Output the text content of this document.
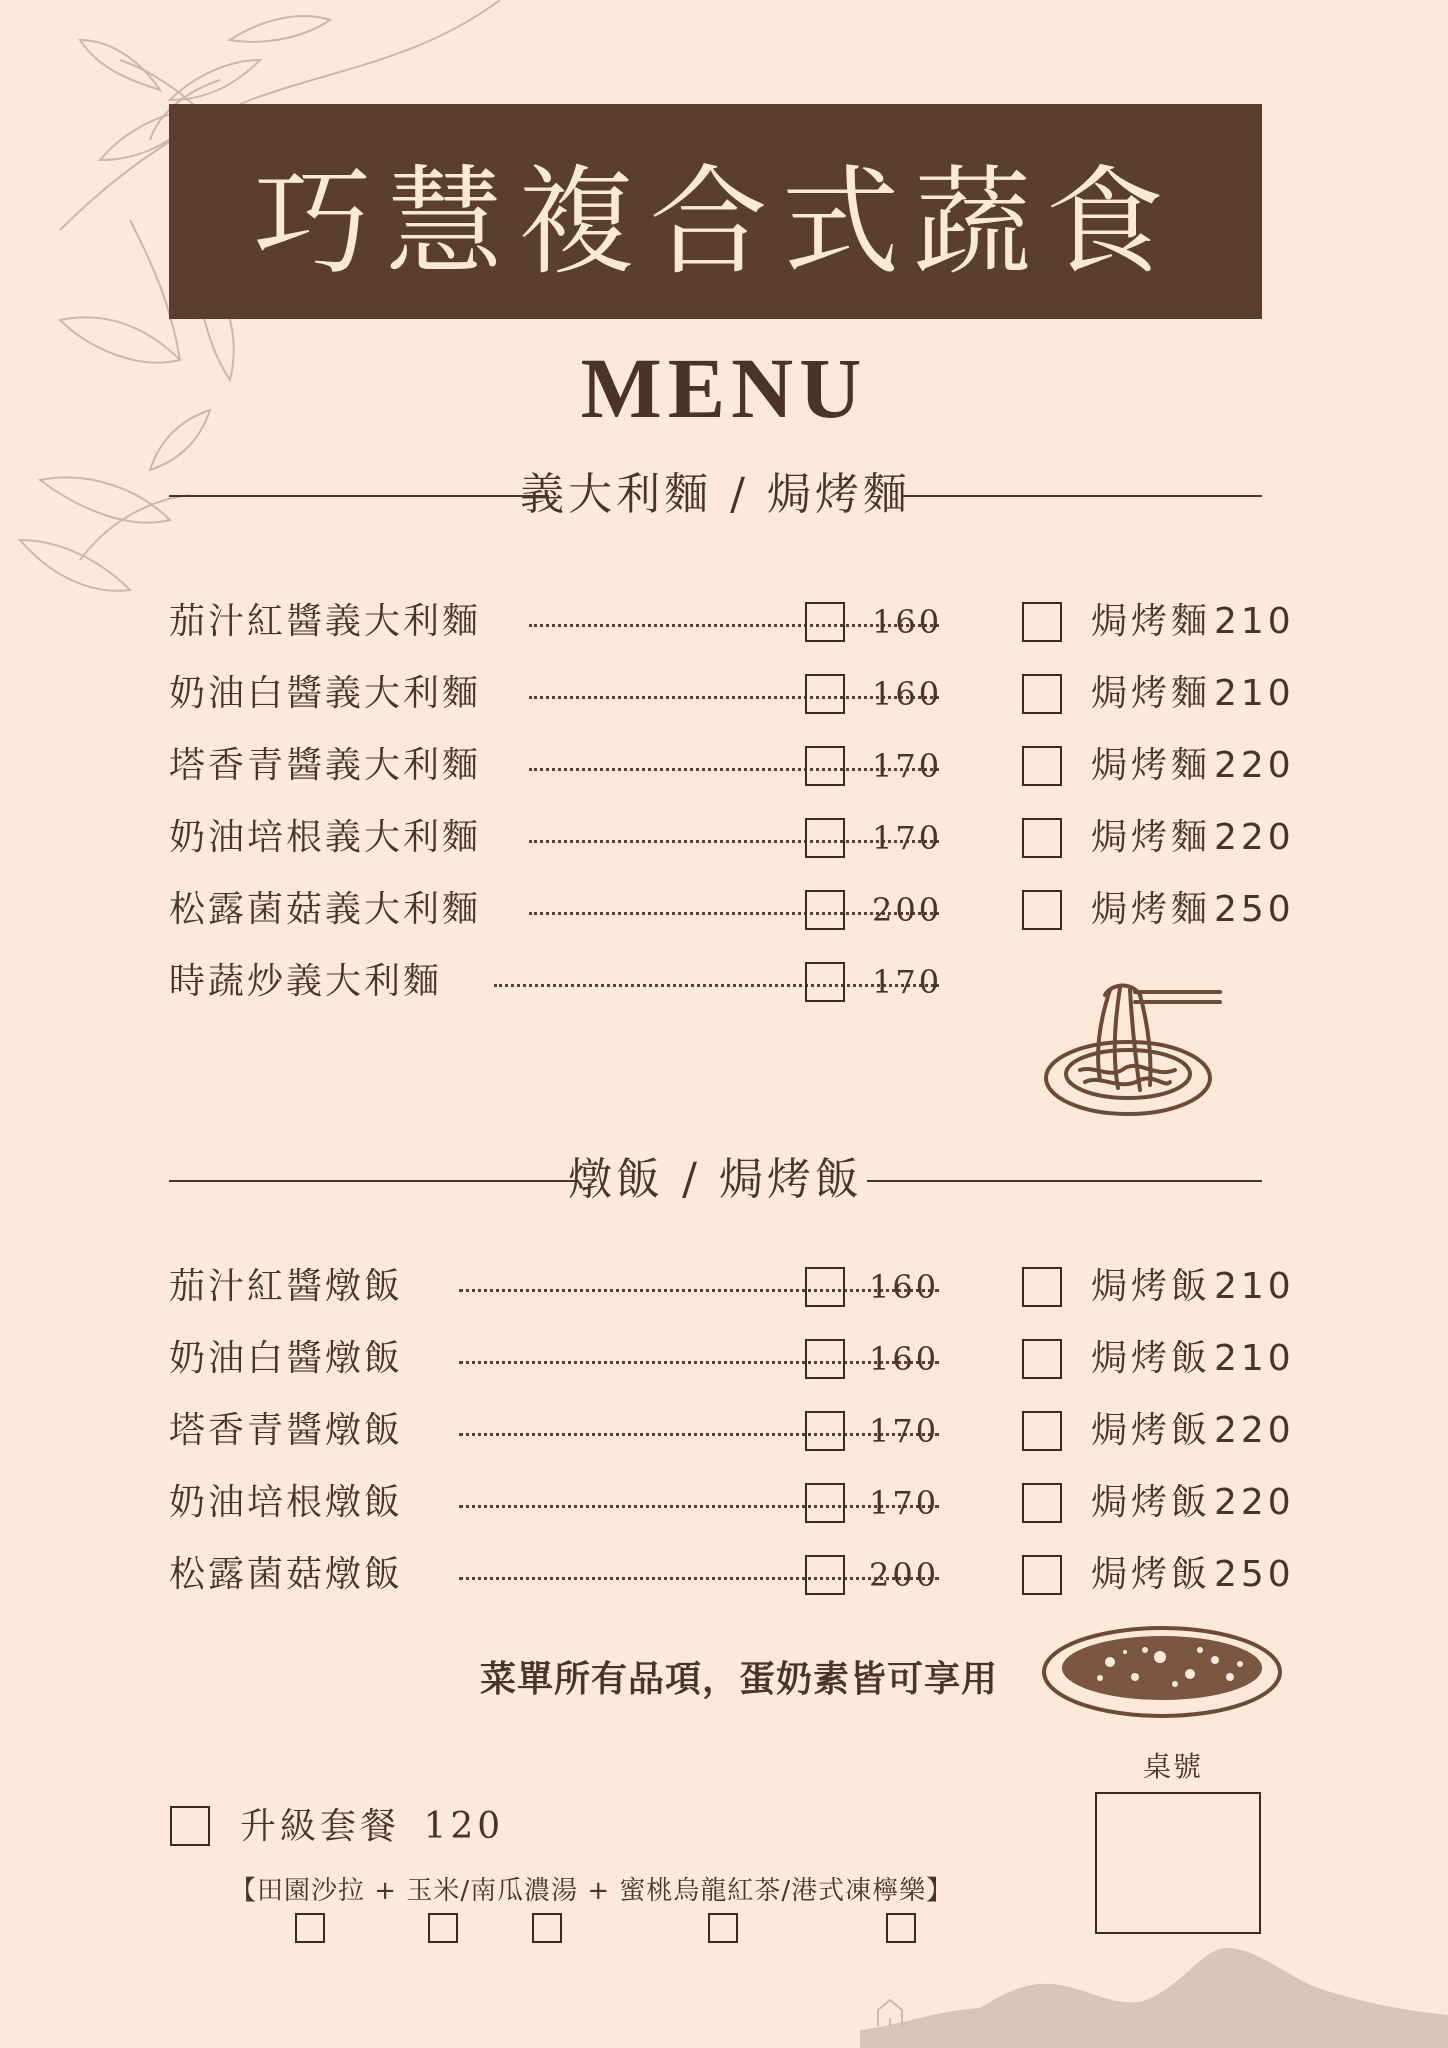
巧慧複合式蔬食
MENU
義大利麵 / 焗烤麵
茄汁紅醬義大利麵	160	焗烤麵 210
奶油白醬義大利麵	160	焗烤麵 210
塔香青醬義大利麵	170	焗烤麵 220
奶油培根義大利麵	170	焗烤麵 220
松露菌菇義大利麵	200	焗烤麵 250
時蔬炒義大利麵	170
燉飯 / 焗烤飯
茄汁紅醬燉飯	160	焗烤飯 210
奶油白醬燉飯	160	焗烤飯 210
塔香青醬燉飯	170	焗烤飯 220
奶油培根燉飯	170	焗烤飯 220
松露菌菇燉飯	200	焗烤飯 250
菜單所有品項，蛋奶素皆可享用
桌號
升級套餐 120
【田園沙拉 + 玉米/南瓜濃湯 + 蜜桃烏龍紅茶/港式凍檸樂】
